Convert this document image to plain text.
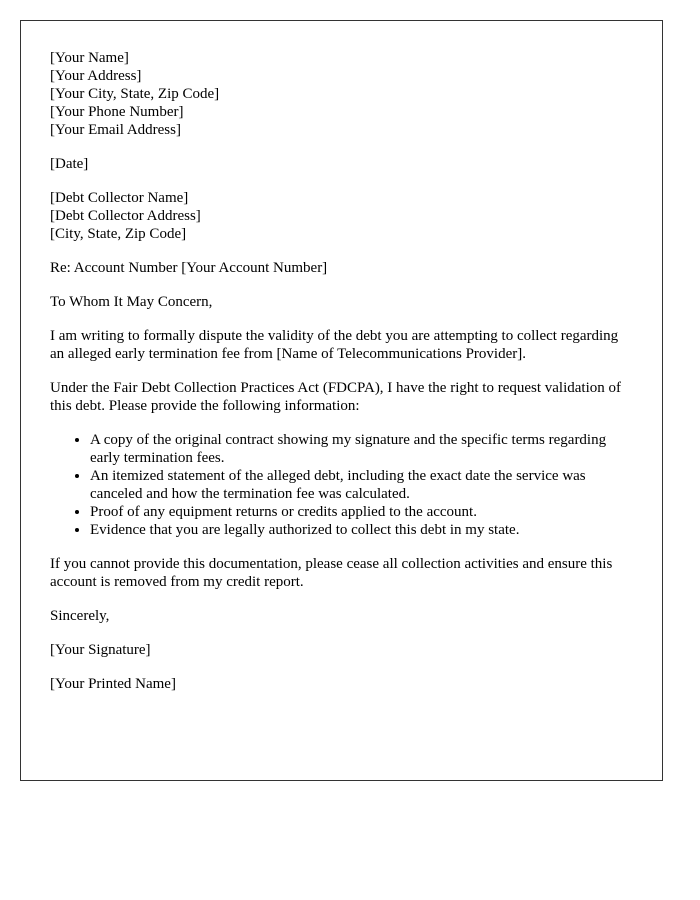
[Your Name]
[Your Address]
[Your City, State, Zip Code]
[Your Phone Number]
[Your Email Address]

[Date]

[Debt Collector Name]
[Debt Collector Address]
[City, State, Zip Code]

Re: Account Number [Your Account Number]

To Whom It May Concern,

I am writing to formally dispute the validity of the debt you are attempting to collect regarding an alleged early termination fee from [Name of Telecommunications Provider].

Under the Fair Debt Collection Practices Act (FDCPA), I have the right to request validation of this debt. Please provide the following information:

• A copy of the original contract showing my signature and the specific terms regarding early termination fees.
• An itemized statement of the alleged debt, including the exact date the service was canceled and how the termination fee was calculated.
• Proof of any equipment returns or credits applied to the account.
• Evidence that you are legally authorized to collect this debt in my state.

If you cannot provide this documentation, please cease all collection activities and ensure this account is removed from my credit report.

Sincerely,

[Your Signature]

[Your Printed Name]
